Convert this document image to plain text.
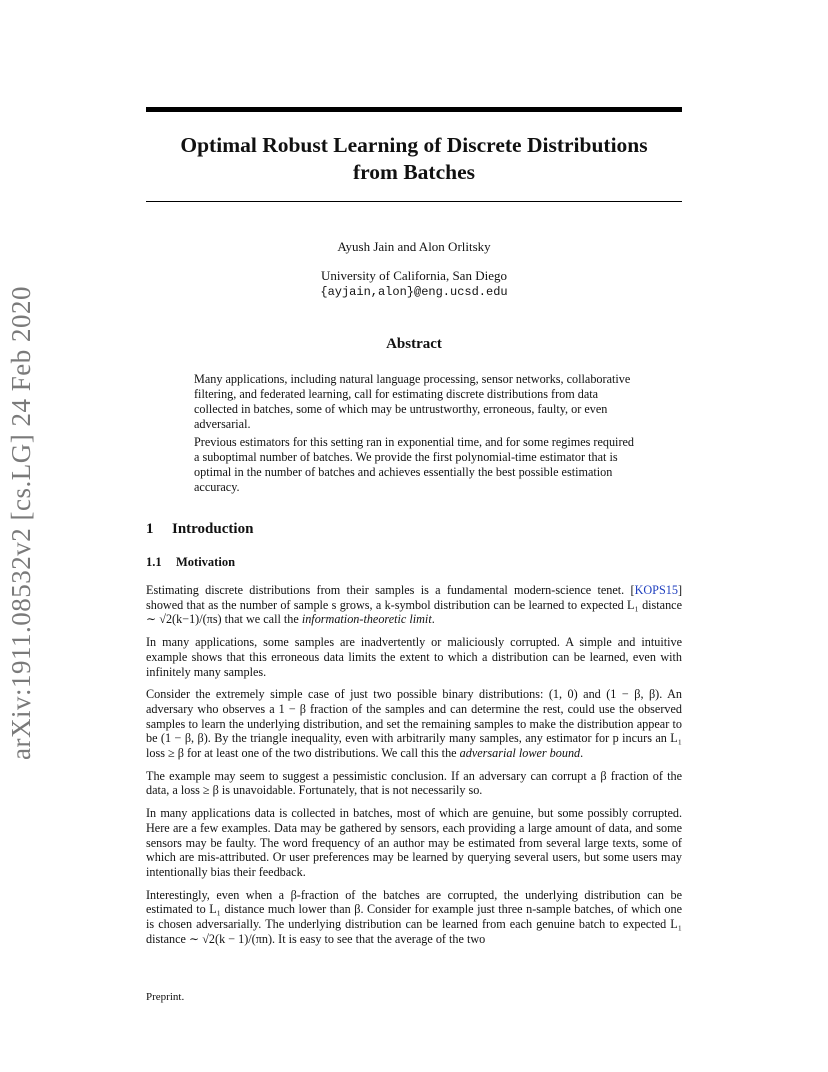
arXiv:1911.08532v2 [cs.LG] 24 Feb 2020
Optimal Robust Learning of Discrete Distributions
from Batches
Ayush Jain and Alon Orlitsky
University of California, San Diego
{ayjain,alon}@eng.ucsd.edu
Abstract

Many applications, including natural language processing, sensor networks, collaborative filtering, and federated learning, call for estimating discrete distributions from data collected in batches, some of which may be untrustworthy, erroneous, faulty, or even adversarial.

Previous estimators for this setting ran in exponential time, and for some regimes required a suboptimal number of batches. We provide the first polynomial-time estimator that is optimal in the number of batches and achieves essentially the best possible estimation accuracy.

1 Introduction
1.1 Motivation

Estimating discrete distributions from their samples is a fundamental modern-science tenet. [KOPS15] showed that as the number of sample s grows, a k-symbol distribution can be learned to expected L₁ distance ∼ √2(k−1)/(πs) that we call the information-theoretic limit.

In many applications, some samples are inadvertently or maliciously corrupted. A simple and intuitive example shows that this erroneous data limits the extent to which a distribution can be learned, even with infinitely many samples.

Consider the extremely simple case of just two possible binary distributions: (1, 0) and (1 − β, β). An adversary who observes a 1 − β fraction of the samples and can determine the rest, could use the observed samples to learn the underlying distribution, and set the remaining samples to make the distribution appear to be (1 − β, β). By the triangle inequality, even with arbitrarily many samples, any estimator for p incurs an L₁ loss ≥ β for at least one of the two distributions. We call this the adversarial lower bound.

The example may seem to suggest a pessimistic conclusion. If an adversary can corrupt a β fraction of the data, a loss ≥ β is unavoidable. Fortunately, that is not necessarily so.

In many applications data is collected in batches, most of which are genuine, but some possibly corrupted. Here are a few examples. Data may be gathered by sensors, each providing a large amount of data, and some sensors may be faulty. The word frequency of an author may be estimated from several large texts, some of which are mis-attributed. Or user preferences may be learned by querying several users, but some users may intentionally bias their feedback.

Interestingly, even when a β-fraction of the batches are corrupted, the underlying distribution can be estimated to L₁ distance much lower than β. Consider for example just three n-sample batches, of which one is chosen adversarially. The underlying distribution can be learned from each genuine batch to expected L₁ distance ∼ √2(k − 1)/(πn). It is easy to see that the average of the two

Preprint.
